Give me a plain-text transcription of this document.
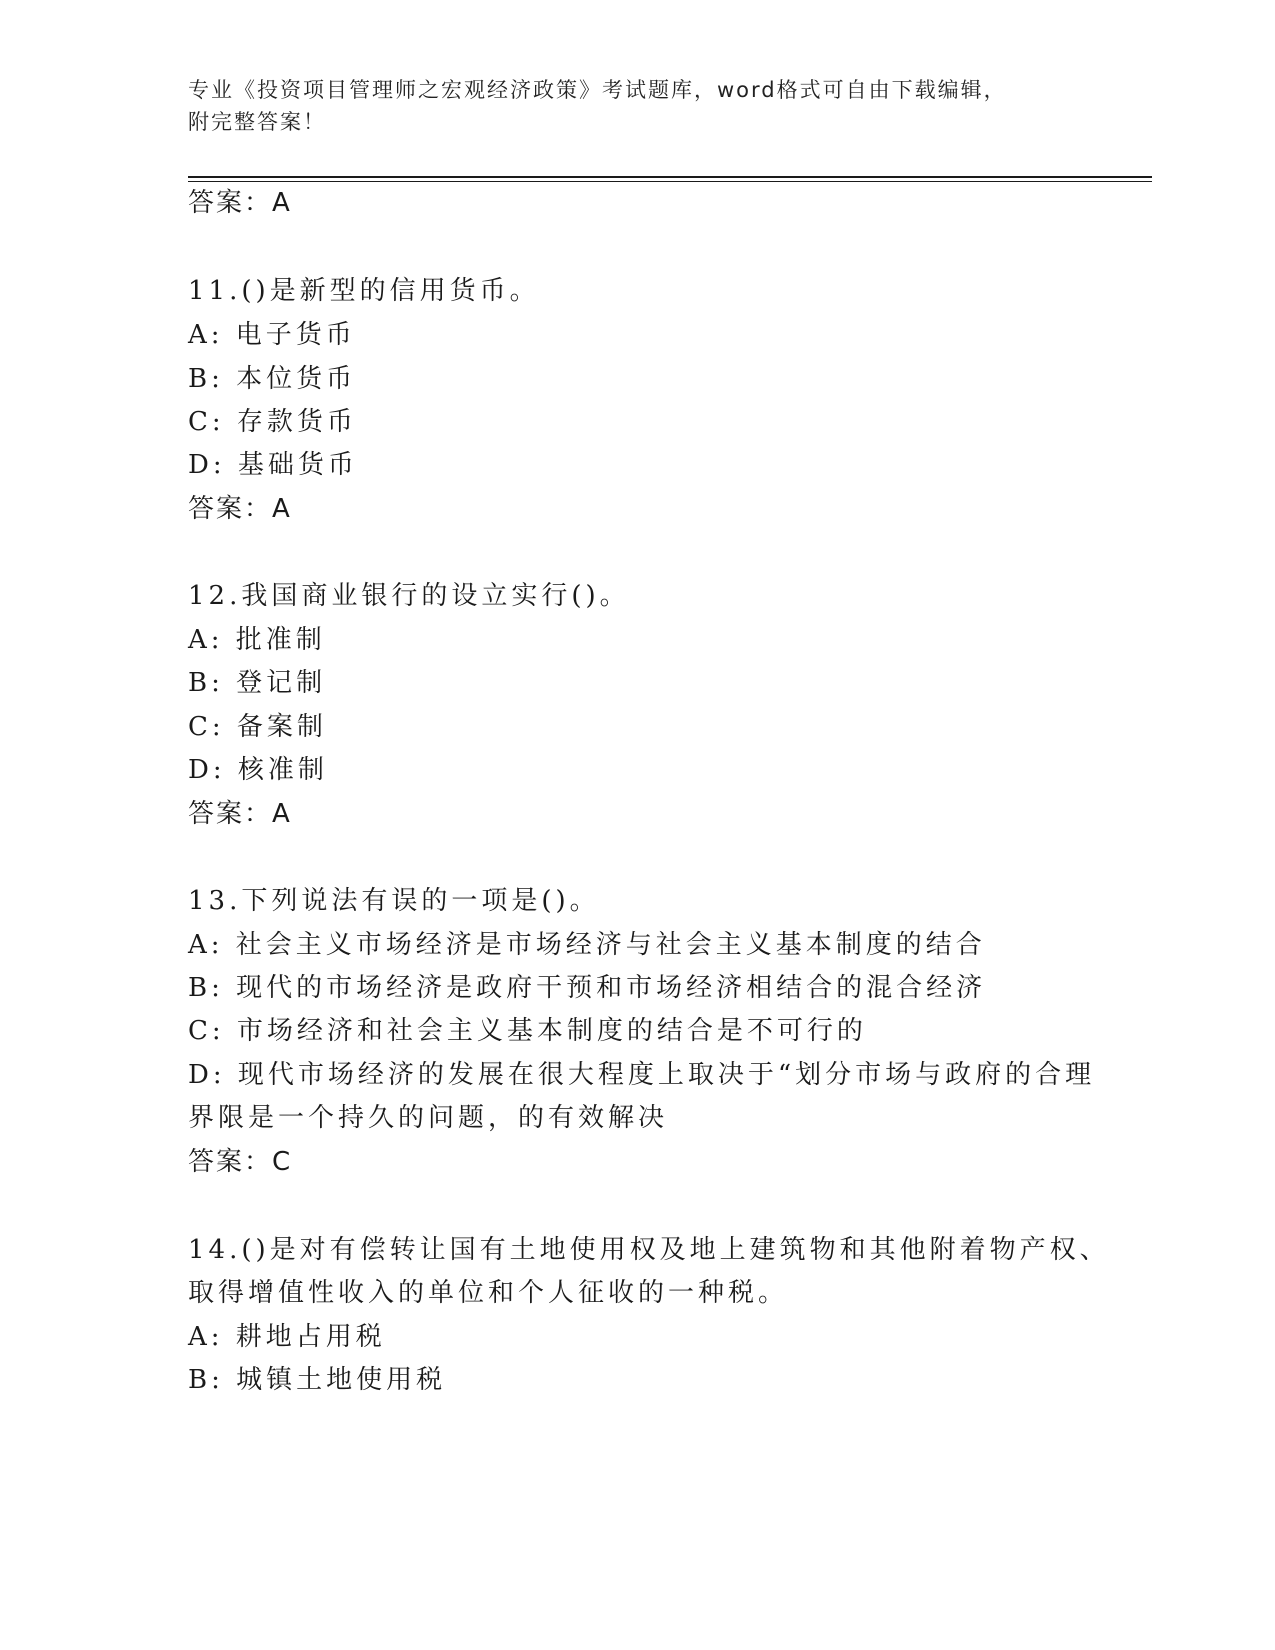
专业《投资项目管理师之宏观经济政策》考试题库，word格式可自由下载编辑，
附完整答案！
答案：A
11.()是新型的信用货币。
A: 电子货币
B: 本位货币
C: 存款货币
D: 基础货币
答案：A
12.我国商业银行的设立实行()。
A: 批准制
B: 登记制
C: 备案制
D: 核准制
答案：A
13.下列说法有误的一项是()。
A: 社会主义市场经济是市场经济与社会主义基本制度的结合
B: 现代的市场经济是政府干预和市场经济相结合的混合经济
C: 市场经济和社会主义基本制度的结合是不可行的
D: 现代市场经济的发展在很大程度上取决于“划分市场与政府的合理
界限是一个持久的问题，的有效解决
答案：C
14.()是对有偿转让国有土地使用权及地上建筑物和其他附着物产权、
取得增值性收入的单位和个人征收的一种税。
A: 耕地占用税
B: 城镇土地使用税
